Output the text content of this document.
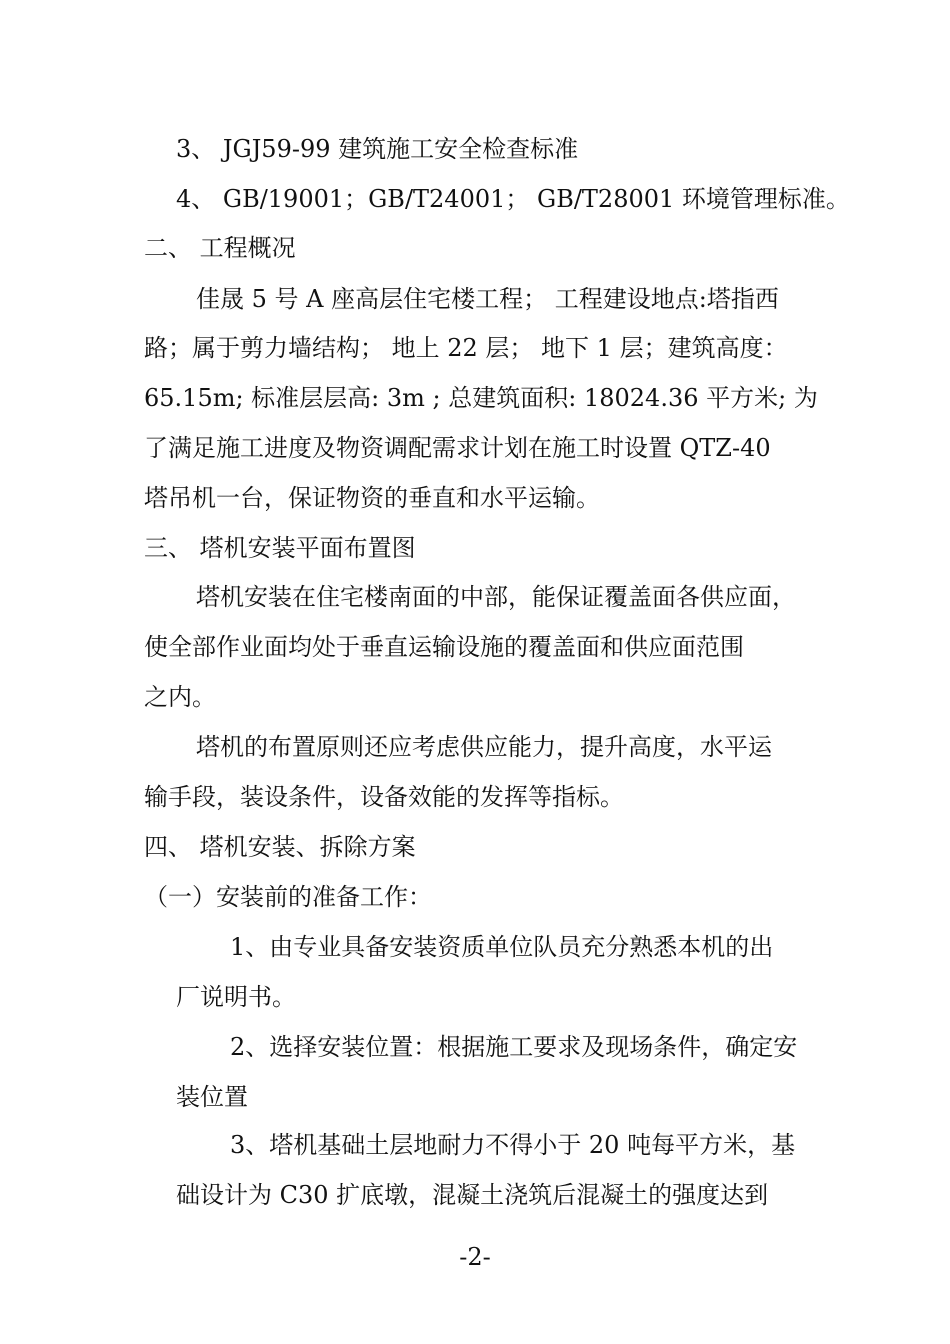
3、 JGJ59-99 建筑施工安全检查标准
4、 GB/19001；GB/T24001； GB/T28001 环境管理标准。
二、 工程概况
佳晟 5 号 A 座高层住宅楼工程； 工程建设地点:塔指西
路；属于剪力墙结构； 地上 22 层； 地下 1 层；建筑高度：
65.15m; 标准层层高: 3m ; 总建筑面积: 18024.36 平方米; 为
了满足施工进度及物资调配需求计划在施工时设置 QTZ-40
塔吊机一台，保证物资的垂直和水平运输。
三、 塔机安装平面布置图
塔机安装在住宅楼南面的中部，能保证覆盖面各供应面，
使全部作业面均处于垂直运输设施的覆盖面和供应面范围
之内。
塔机的布置原则还应考虑供应能力，提升高度，水平运
输手段，装设条件，设备效能的发挥等指标。
四、 塔机安装、拆除方案
（一）安装前的准备工作：
1、由专业具备安装资质单位队员充分熟悉本机的出
厂说明书。
2、选择安装位置：根据施工要求及现场条件，确定安
装位置
3、塔机基础土层地耐力不得小于 20 吨每平方米，基
础设计为 C30 扩底墩，混凝土浇筑后混凝土的强度达到
-2-
